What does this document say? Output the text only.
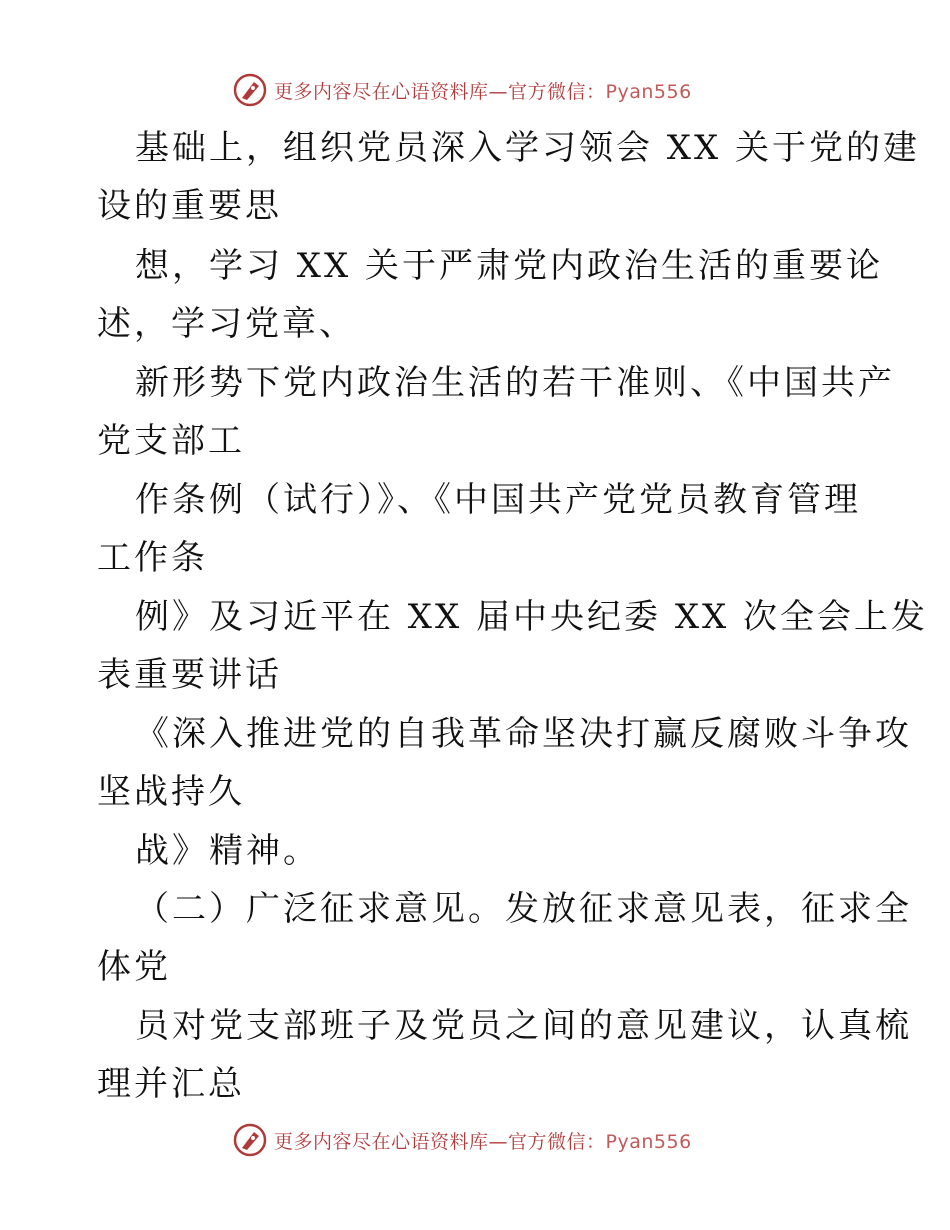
更多内容尽在心语资料库—官方微信：Pyan556
基础上，组织党员深入学习领会 XX 关于党的建
设的重要思
想，学习 XX 关于严肃党内政治生活的重要论
述，学习党章、
新形势下党内政治生活的若干准则、《中国共产
党支部工
作条例（试行）》、《中国共产党党员教育管理
工作条
例》及习近平在 XX 届中央纪委 XX 次全会上发
表重要讲话
《深入推进党的自我革命坚决打赢反腐败斗争攻
坚战持久
战》精神。
（二）广泛征求意见。发放征求意见表，征求全
体党
员对党支部班子及党员之间的意见建议，认真梳
理并汇总
更多内容尽在心语资料库—官方微信：Pyan556
